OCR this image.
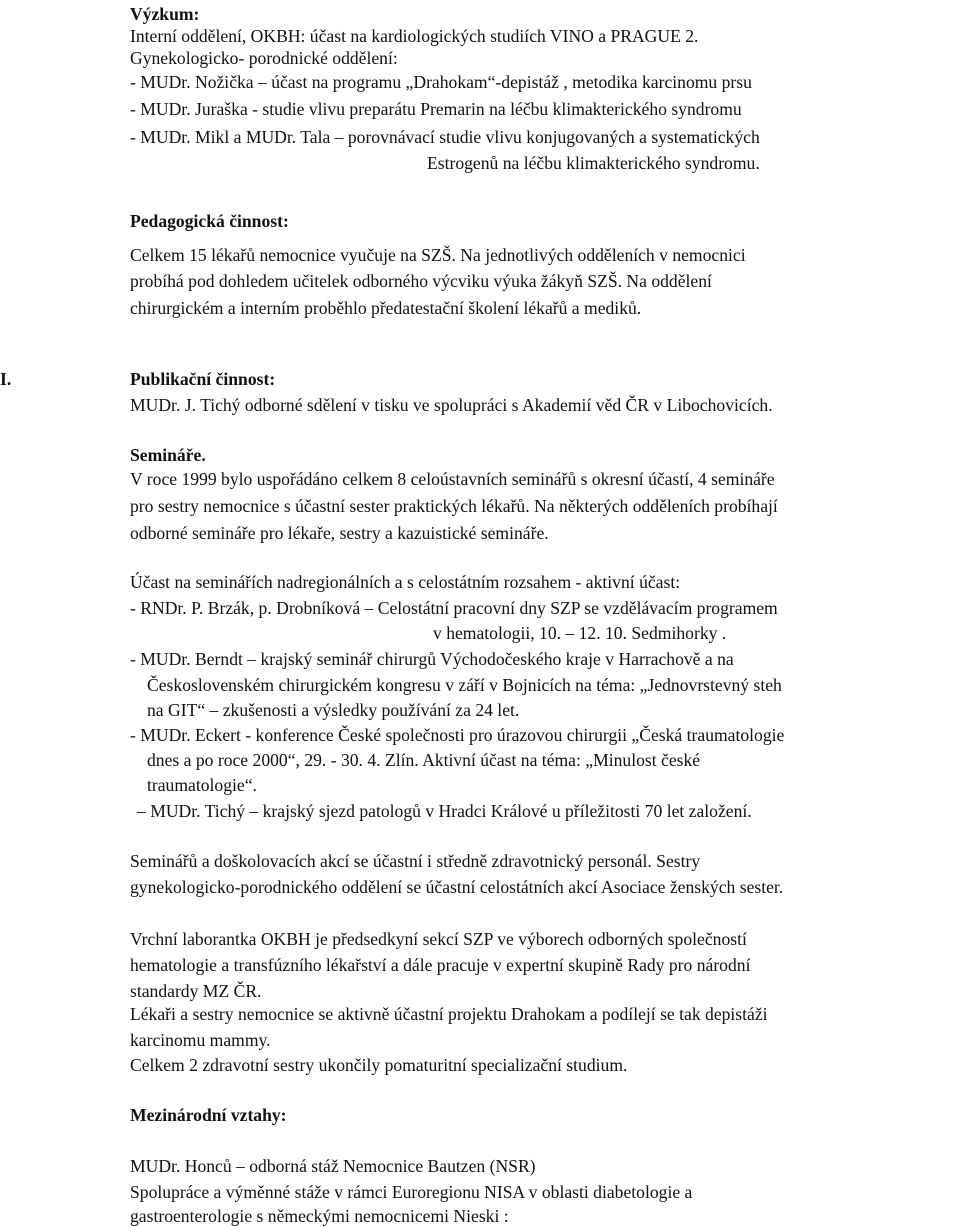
Výzkum:
Interní oddělení, OKBH: účast na kardiologických studiích VINO a PRAGUE 2.
Gynekologicko- porodnické oddělení:
- MUDr. Nožička – účast na programu „Drahokam“-depistáž , metodika karcinomu prsu
- MUDr. Juraška - studie vlivu preparátu Premarin na léčbu klimakterického syndromu
- MUDr. Mikl a MUDr. Tala – porovnávací studie vlivu konjugovaných a systematických
Estrogenů na léčbu klimakterického syndromu.
Pedagogická činnost:
Celkem 15 lékařů nemocnice vyučuje na SZŠ. Na jednotlivých odděleních v nemocnici
probíhá pod dohledem učitelek odborného výcviku výuka žákyň SZŠ. Na oddělení
chirurgickém a interním proběhlo předatestační školení lékařů a mediků.
I.	Publikační činnost:
MUDr. J. Tichý odborné sdělení v tisku ve spolupráci s Akademií věd ČR v Libochovicích.
Semináře.
V roce 1999 bylo uspořádáno celkem 8 celoústavních seminářů s okresní účastí, 4 semináře
pro sestry nemocnice s účastní sester praktických lékařů. Na některých odděleních probíhají
odborné semináře pro lékaře, sestry a kazuistické semináře.
Účast na seminářích nadregionálních a s celostátním rozsahem - aktivní účast:
- RNDr. P. Brzák, p. Drobníková – Celostátní pracovní dny SZP se vzdělávacím programem
v hematologii, 10. – 12. 10. Sedmihorky .
- MUDr. Berndt – krajský seminář chirurgů Východočeského kraje v Harrachově a na
Československém chirurgickém kongresu v září v Bojnicích na téma: „Jednovrstevný steh
na GIT“ – zkušenosti a výsledky používání za 24 let.
- MUDr. Eckert - konference České společnosti pro úrazovou chirurgii „Česká traumatologie
dnes a po roce 2000“, 29. - 30. 4. Zlín. Aktivní účast na téma: „Minulost české
traumatologie“.
– MUDr. Tichý – krajský sjezd patologů v Hradci Králové u příležitosti 70 let založení.
Seminářů a doškolovacích akcí se účastní i středně zdravotnický personál. Sestry
gynekologicko-porodnického oddělení se účastní celostátních akcí Asociace ženských sester.
Vrchní laborantka OKBH je předsedkyní sekcí SZP ve výborech odborných společností
hematologie a transfúzního lékařství a dále pracuje v expertní skupině Rady pro národní
standardy MZ ČR.
Lékaři a sestry nemocnice se aktivně účastní projektu Drahokam a podílejí se tak depistáži
karcinomu mammy.
Celkem 2 zdravotní sestry ukončily pomaturitní specializační studium.
Mezinárodní vztahy:
MUDr. Honců – odborná stáž Nemocnice Bautzen (NSR)
Spolupráce a výměnné stáže v rámci Euroregionu NISA v oblasti diabetologie a
gastroenterologie s německými nemocnicemi Nieski :
